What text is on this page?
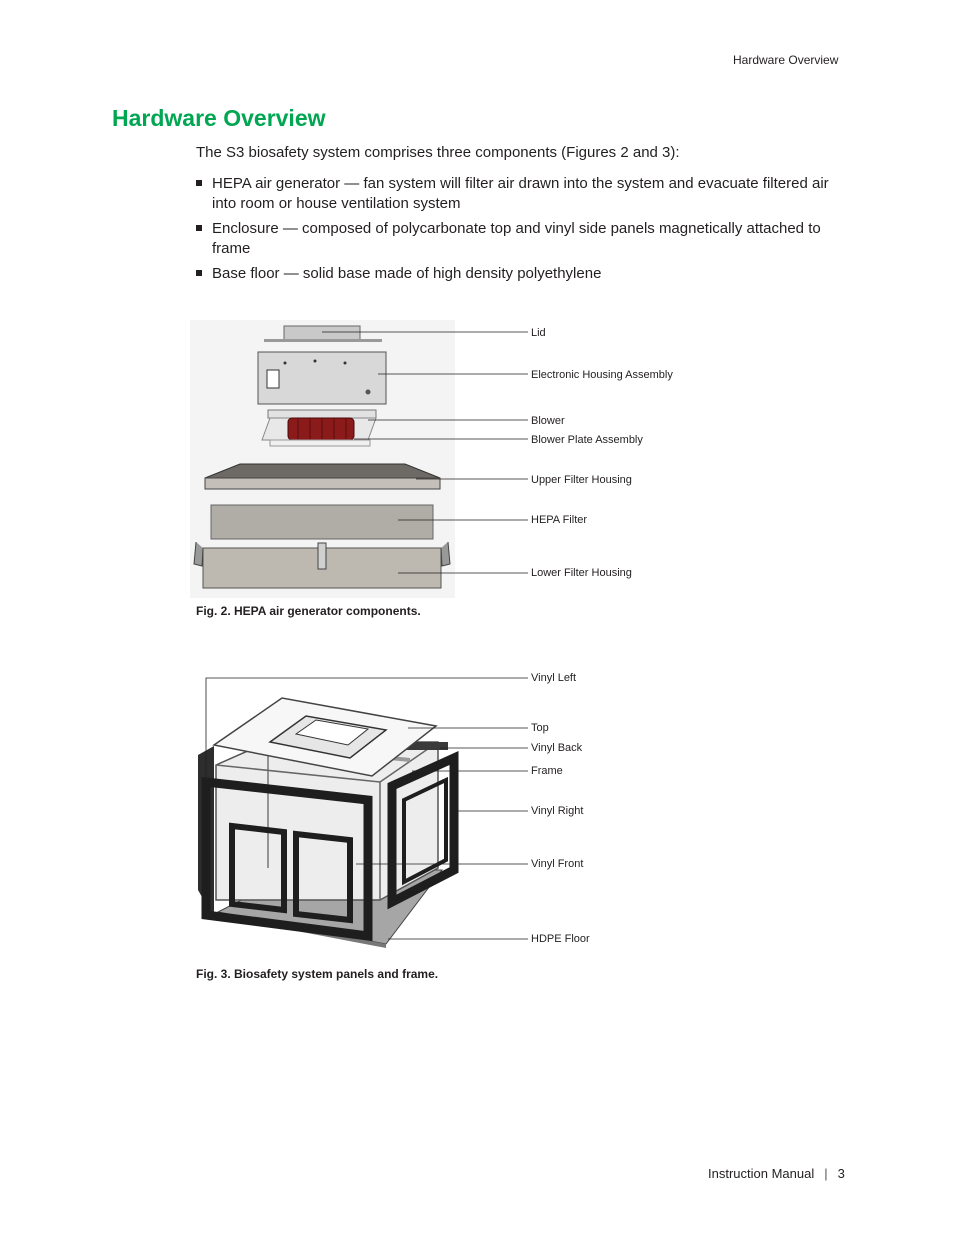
Hardware Overview
Hardware Overview
The S3 biosafety system comprises three components (Figures 2 and 3):
HEPA air generator — fan system will filter air drawn into the system and evacuate filtered air into room or house ventilation system
Enclosure — composed of polycarbonate top and vinyl side panels magnetically attached to frame
Base floor — solid base made of high density polyethylene
Lid
Electronic Housing Assembly
Blower
Blower Plate Assembly
Upper Filter Housing
HEPA Filter
Lower Filter Housing
Fig. 2. HEPA air generator components.
Vinyl Left
Top
Vinyl Back
Frame
Vinyl Right
Vinyl Front
HDPE Floor
Fig. 3. Biosafety system panels and frame.
Instruction Manual | 3
